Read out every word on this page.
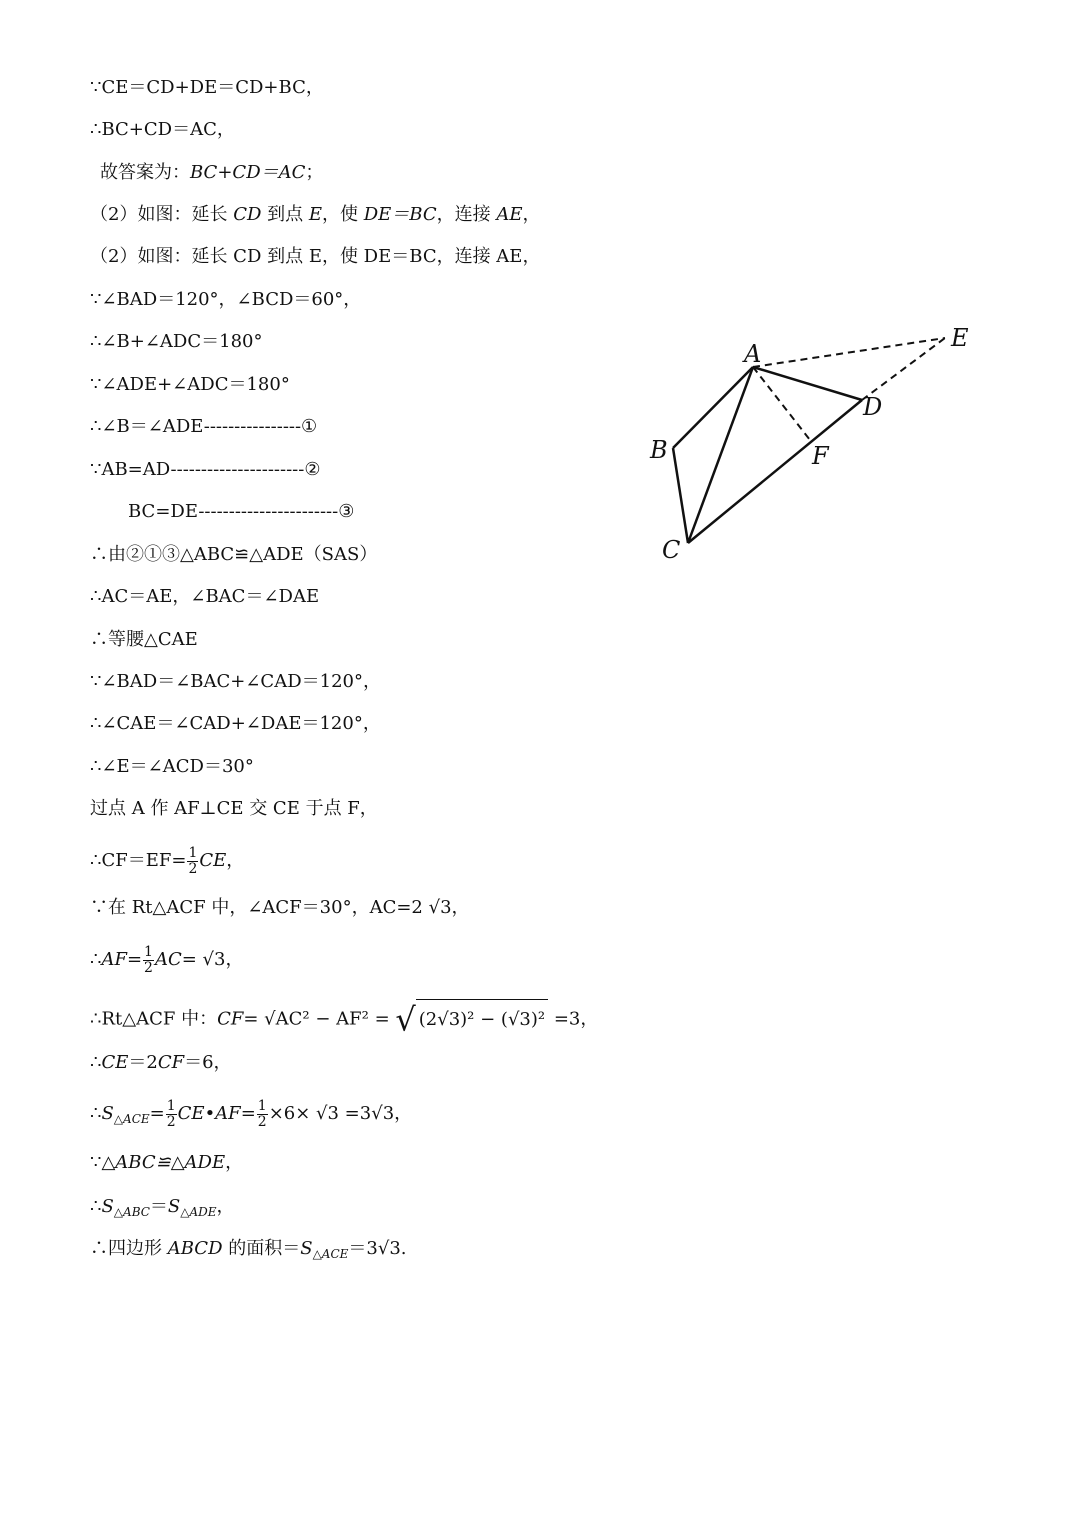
∵CE＝CD+DE＝CD+BC，
∴BC+CD＝AC，
故答案为：BC+CD＝AC；
（2）如图：延长 CD 到点 E，使 DE＝BC，连接 AE，
（2）如图：延长 CD 到点 E，使 DE＝BC，连接 AE，
∵∠BAD＝120°，∠BCD＝60°，
∴∠B+∠ADC＝180°
∵∠ADE+∠ADC＝180°
∴∠B＝∠ADE----------------①
∵AB=AD----------------------②
BC=DE-----------------------③
∴由②①③△ABC≌△ADE（SAS）
∴AC＝AE，∠BAC＝∠DAE
∴等腰△CAE
∵∠BAD＝∠BAC+∠CAD＝120°，
∴∠CAE＝∠CAD+∠DAE＝120°，
∴∠E＝∠ACD＝30°
过点 A 作 AF⊥CE 交 CE 于点 F，
∴CF＝EF= $\frac{1}{2}$ CE，
∵在 Rt△ACF 中，∠ACF＝30°，AC=2 √3，
∴AF= $\frac{1}{2} AC= √3$，
∴Rt△ACF 中：CF= √AC² − AF² = √ (2√3)² − (√3)² =3，
∴CE＝2CF＝6，
$\therefore S_{\triangle ACE}= \frac{1}{2}$ CE•AF= $\frac{1}{2} \times 6\times √3 =3√3$，
∵△ABC≌△ADE，
$\therefore S_{\triangle ABC}=S_{\triangle ADE}$，
∴四边形 ABCD 的面积$=S_{\triangle ACE}=3√3$.
A
B
C
D
E
F
